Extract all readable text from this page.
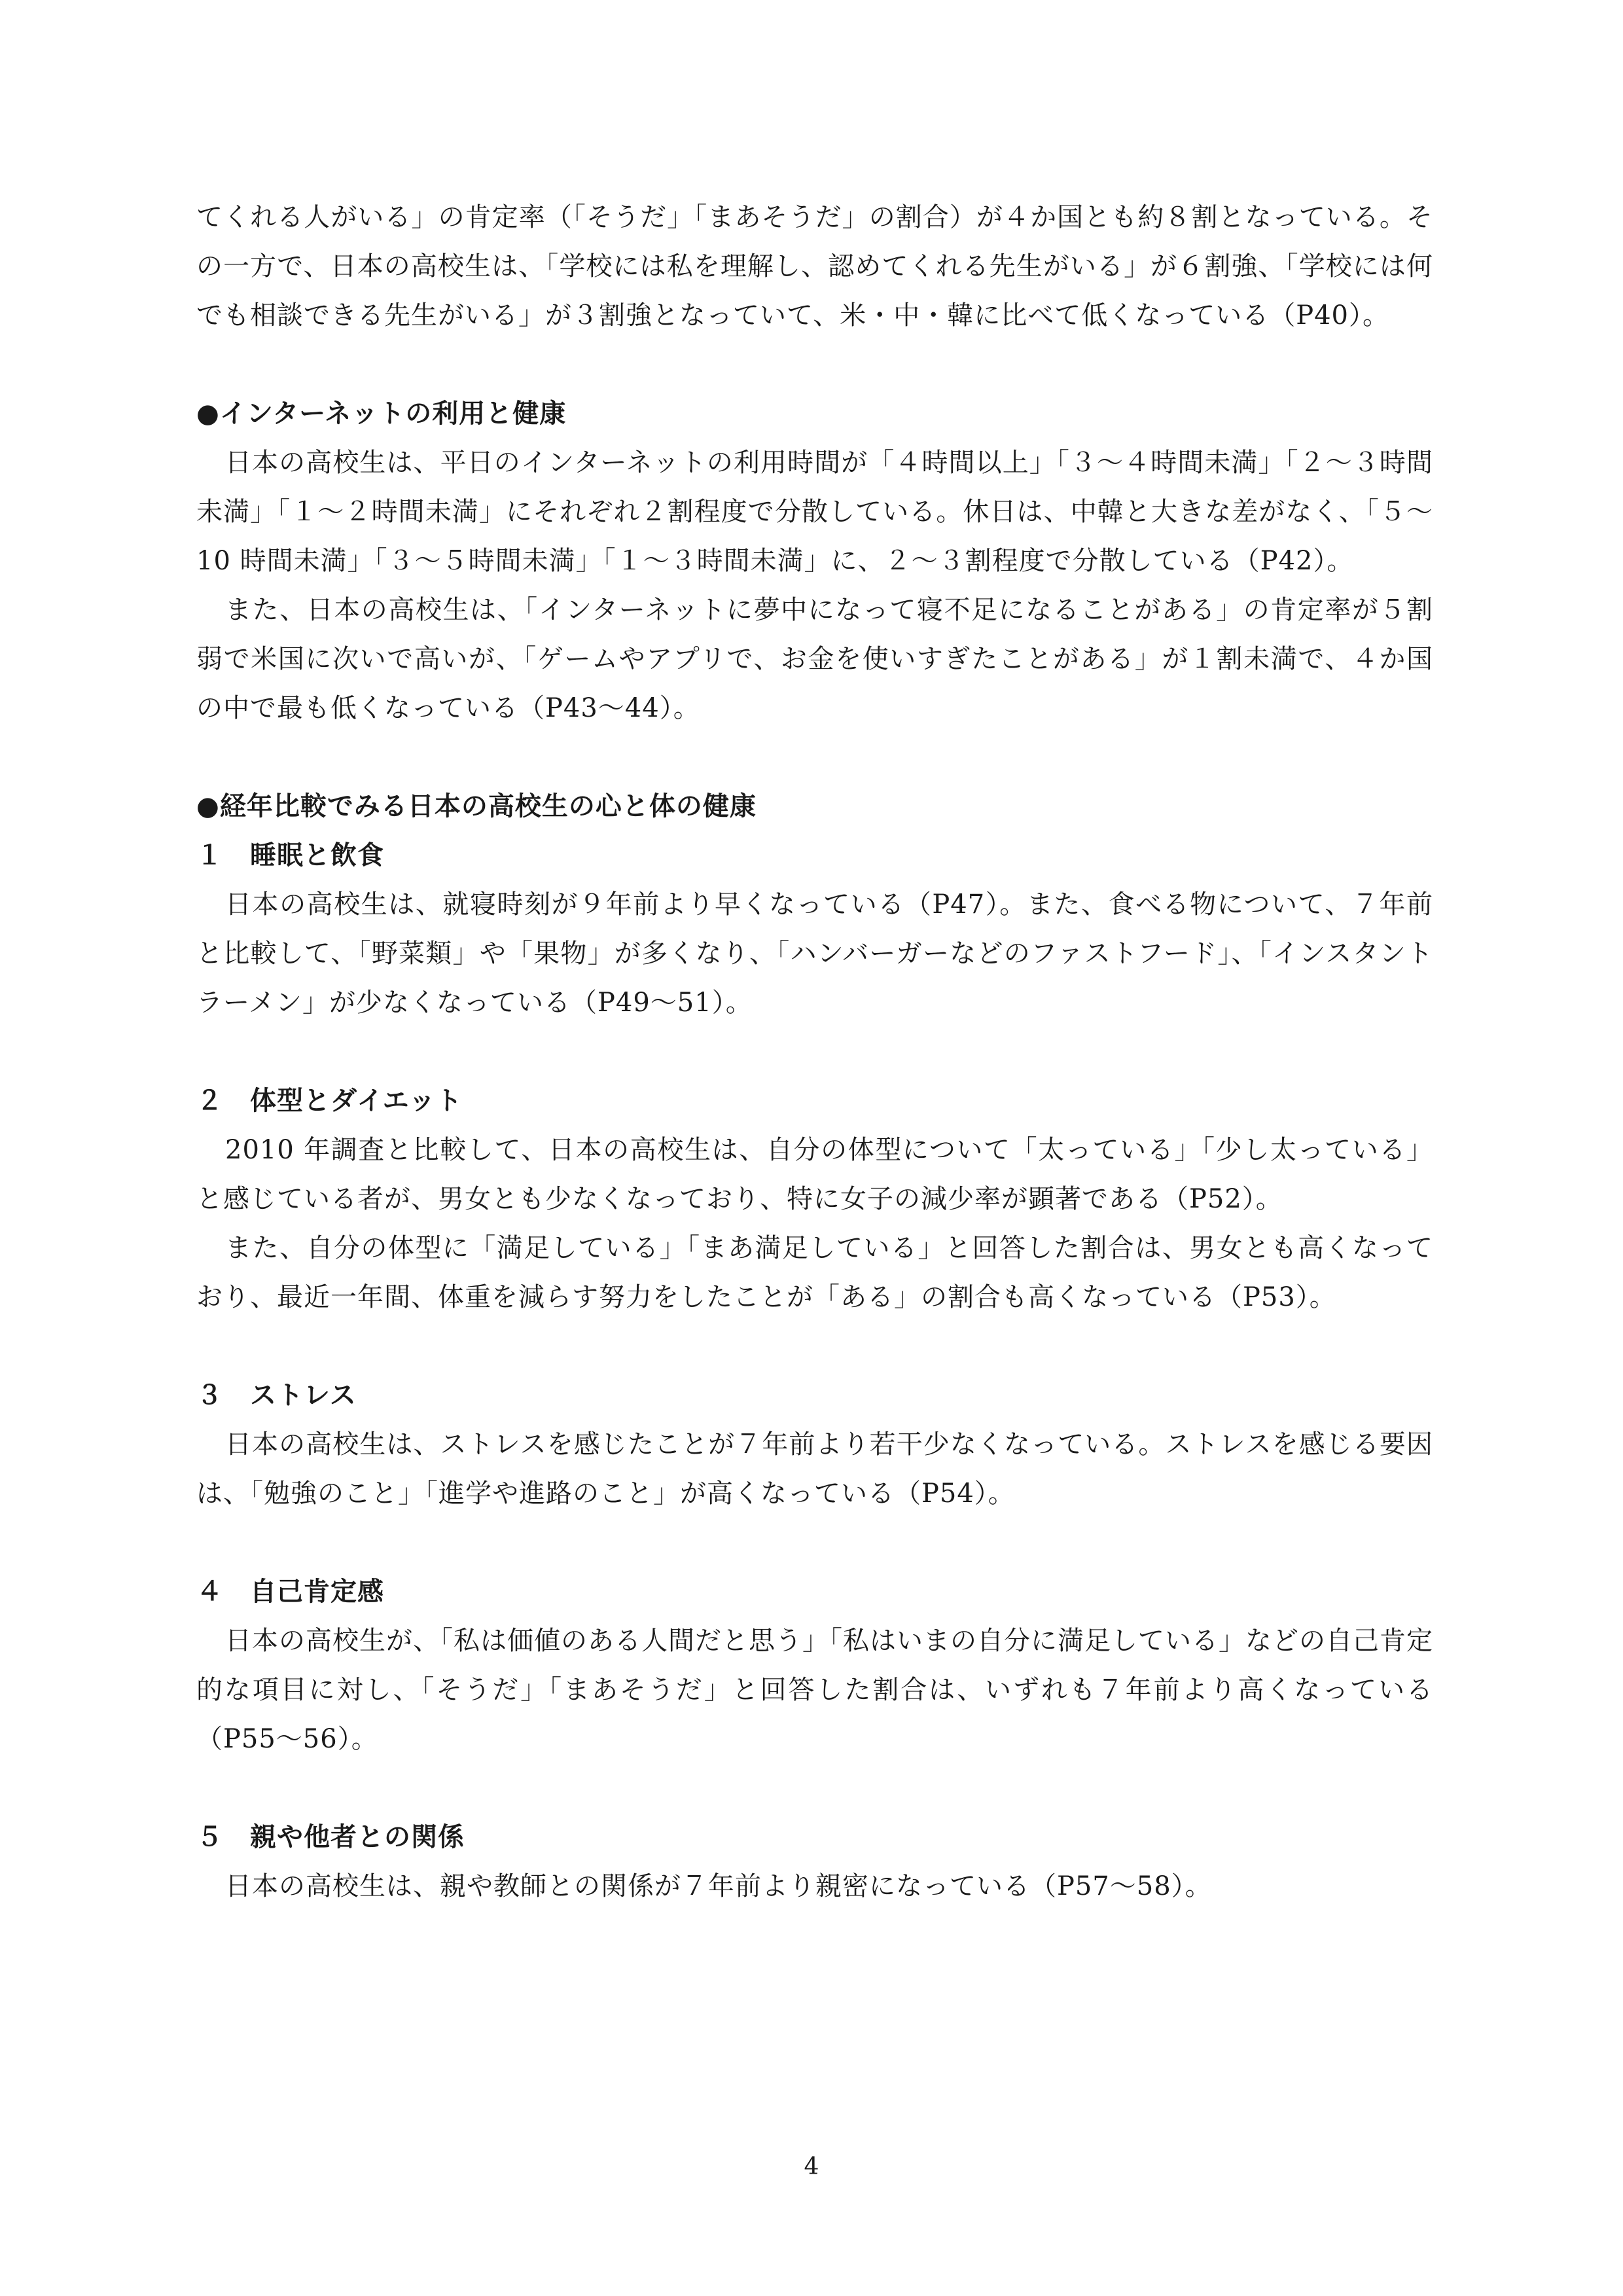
てくれる人がいる」の肯定率（「そうだ」「まあそうだ」の割合）が４か国とも約８割となっている。その一方で、日本の高校生は、「学校には私を理解し、認めてくれる先生がいる」が６割強、「学校には何でも相談できる先生がいる」が３割強となっていて、米・中・韓に比べて低くなっている（P40）。

●インターネットの利用と健康

日本の高校生は、平日のインターネットの利用時間が「４時間以上」「３～４時間未満」「２～３時間未満」「１～２時間未満」にそれぞれ２割程度で分散している。休日は、中韓と大きな差がなく、「５～10 時間未満」「３～５時間未満」「１～３時間未満」に、２～３割程度で分散している（P42）。

また、日本の高校生は、「インターネットに夢中になって寝不足になることがある」の肯定率が５割弱で米国に次いで高いが、「ゲームやアプリで、お金を使いすぎたことがある」が１割未満で、４か国の中で最も低くなっている（P43～44）。

●経年比較でみる日本の高校生の心と体の健康
１　睡眠と飲食

日本の高校生は、就寝時刻が９年前より早くなっている（P47）。また、食べる物について、７年前と比較して、「野菜類」や「果物」が多くなり、「ハンバーガーなどのファストフード」、「インスタントラーメン」が少なくなっている（P49～51）。

２　体型とダイエット

2010 年調査と比較して、日本の高校生は、自分の体型について「太っている」「少し太っている」と感じている者が、男女とも少なくなっており、特に女子の減少率が顕著である（P52）。

また、自分の体型に「満足している」「まあ満足している」と回答した割合は、男女とも高くなっており、最近一年間、体重を減らす努力をしたことが「ある」の割合も高くなっている（P53）。

３　ストレス

日本の高校生は、ストレスを感じたことが７年前より若干少なくなっている。ストレスを感じる要因は、「勉強のこと」「進学や進路のこと」が高くなっている（P54）。

４　自己肯定感

日本の高校生が、「私は価値のある人間だと思う」「私はいまの自分に満足している」などの自己肯定的な項目に対し、「そうだ」「まあそうだ」と回答した割合は、いずれも７年前より高くなっている（P55～56）。

５　親や他者との関係

日本の高校生は、親や教師との関係が７年前より親密になっている（P57～58）。

4
